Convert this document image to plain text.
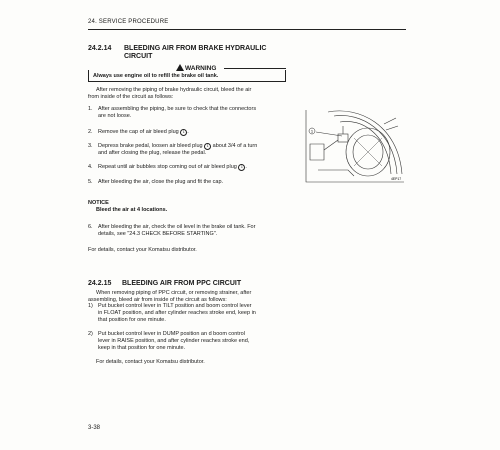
24. SERVICE PROCEDURE
24.2.14 BLEEDING AIR FROM BRAKE HYDRAULIC
CIRCUIT
WARNING
Always use engine oil to refill the brake oil tank.
After removing the piping of brake hydraulic circuit, bleed the air
from inside of the circuit as follows:
1. After assembling the piping, be sure to check that the connectors
are not loose.
2. Remove the cap of air bleed plug 1 .
3. Depress brake pedal, loosen air bleed plug 1 about 3/4 of a turn
and after closing the plug, release the pedal.
4. Repeat until air bubbles stop coming out of air bleed plug 1 .
5. After bleeding the air, close the plug and fit the cap.
NOTICE
Bleed the air at 4 locations.
6. After bleeding the air, check the oil level in the brake oil tank. For
details, see "24.3 CHECK BEFORE STARTING".
For details, contact your Komatsu distributor.
1
4EP17
24.2.15 BLEEDING AIR FROM PPC CIRCUIT
When removing piping of PPC circuit, or removing strainer, after
assembling, bleed air from inside of the circuit as follows:
1) Put bucket control lever in TILT position and boom control lever
in FLOAT position, and after cylinder reaches stroke end, keep in
that position for one minute.
2) Put bucket control lever in DUMP position an d boom control
lever in RAISE position, and after cylinder reaches stroke end,
keep in that position for one minute.
For details, contact your Komatsu distributor.
3-38
